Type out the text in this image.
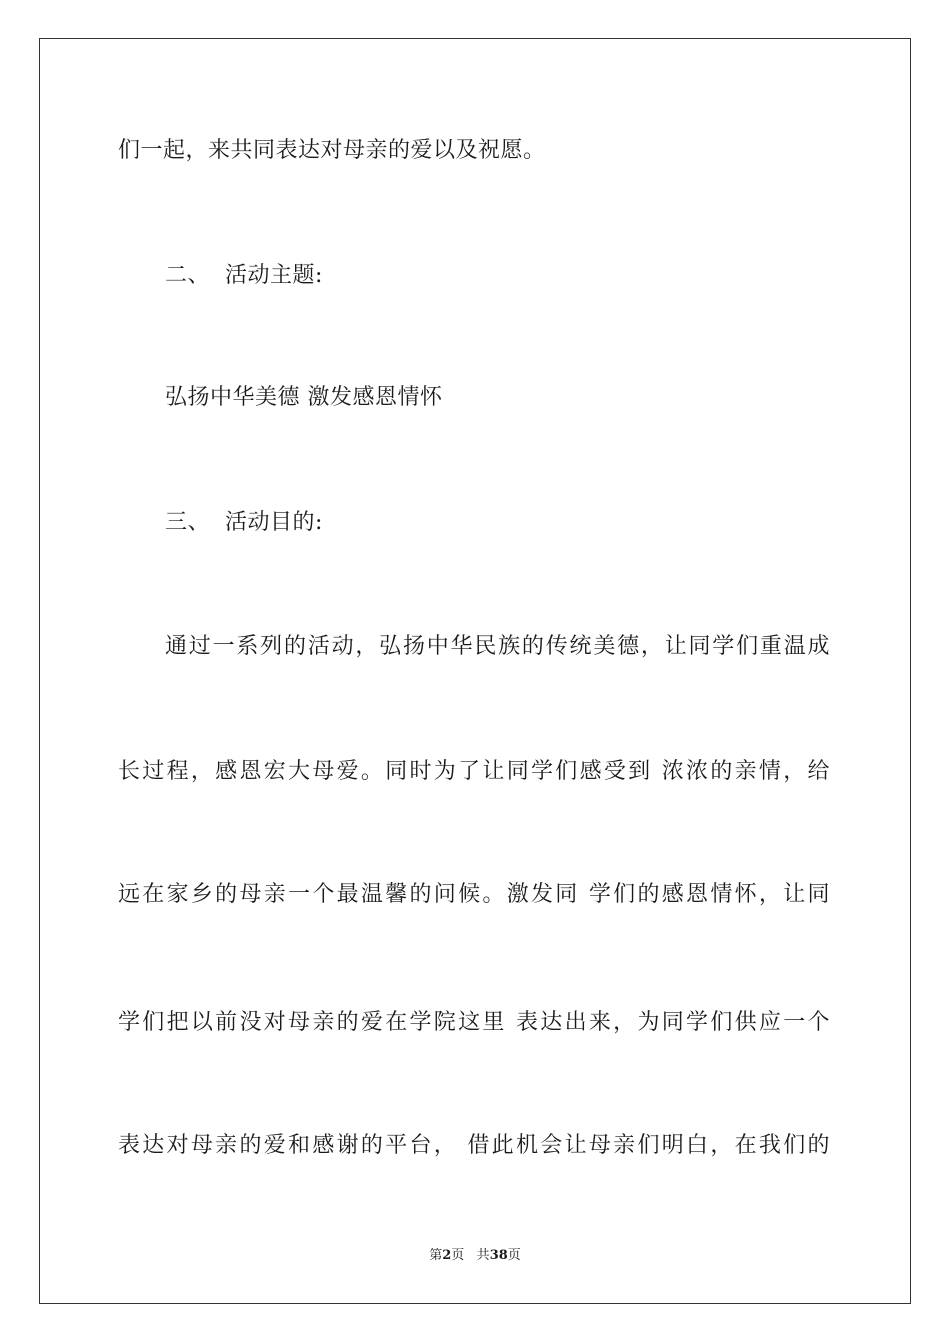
们一起，来共同表达对母亲的爱以及祝愿。
二、  活动主题:
弘扬中华美德 激发感恩情怀
三、  活动目的:
通过一系列的活动，弘扬中华民族的传统美德，让同学们重温成
长过程，感恩宏大母爱。同时为了让同学们感受到 浓浓的亲情，给
远在家乡的母亲一个最温馨的问候。激发同 学们的感恩情怀，让同
学们把以前没对母亲的爱在学院这里 表达出来，为同学们供应一个
表达对母亲的爱和感谢的平台， 借此机会让母亲们明白，在我们的
第2页 共38页
